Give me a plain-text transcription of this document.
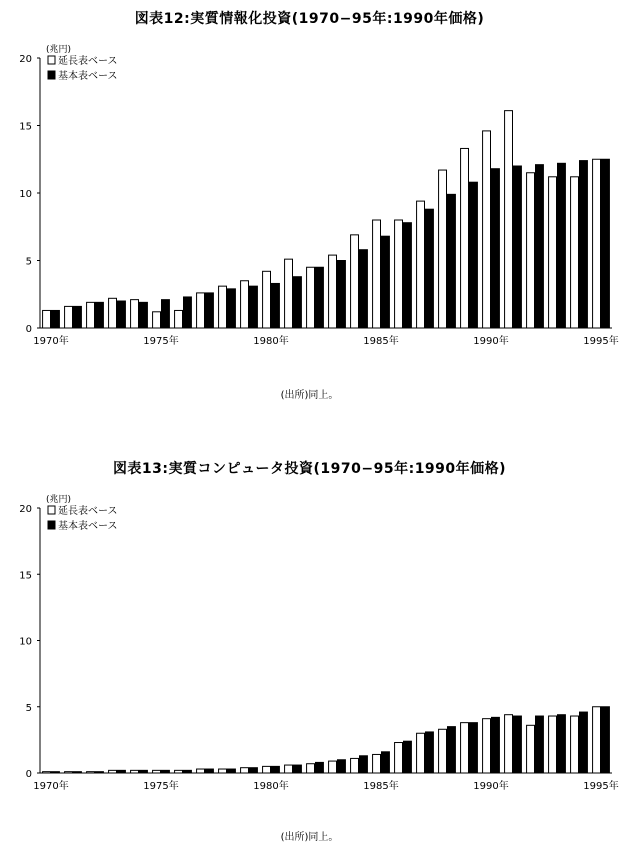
図表12:実質情報化投資(1970−95年:1990年価格)
0
5
10
15
20
(兆円)
延長表ベース
基本表ベース
1970年	1975年	1980年	1985年	1990年	1995年
(出所)同上。
図表13:実質コンピュータ投資(1970−95年:1990年価格)
0
5
10
15
20
(兆円)
延長表ベース
基本表ベース
1970年	1975年	1980年	1985年	1990年	1995年
(出所)同上。
